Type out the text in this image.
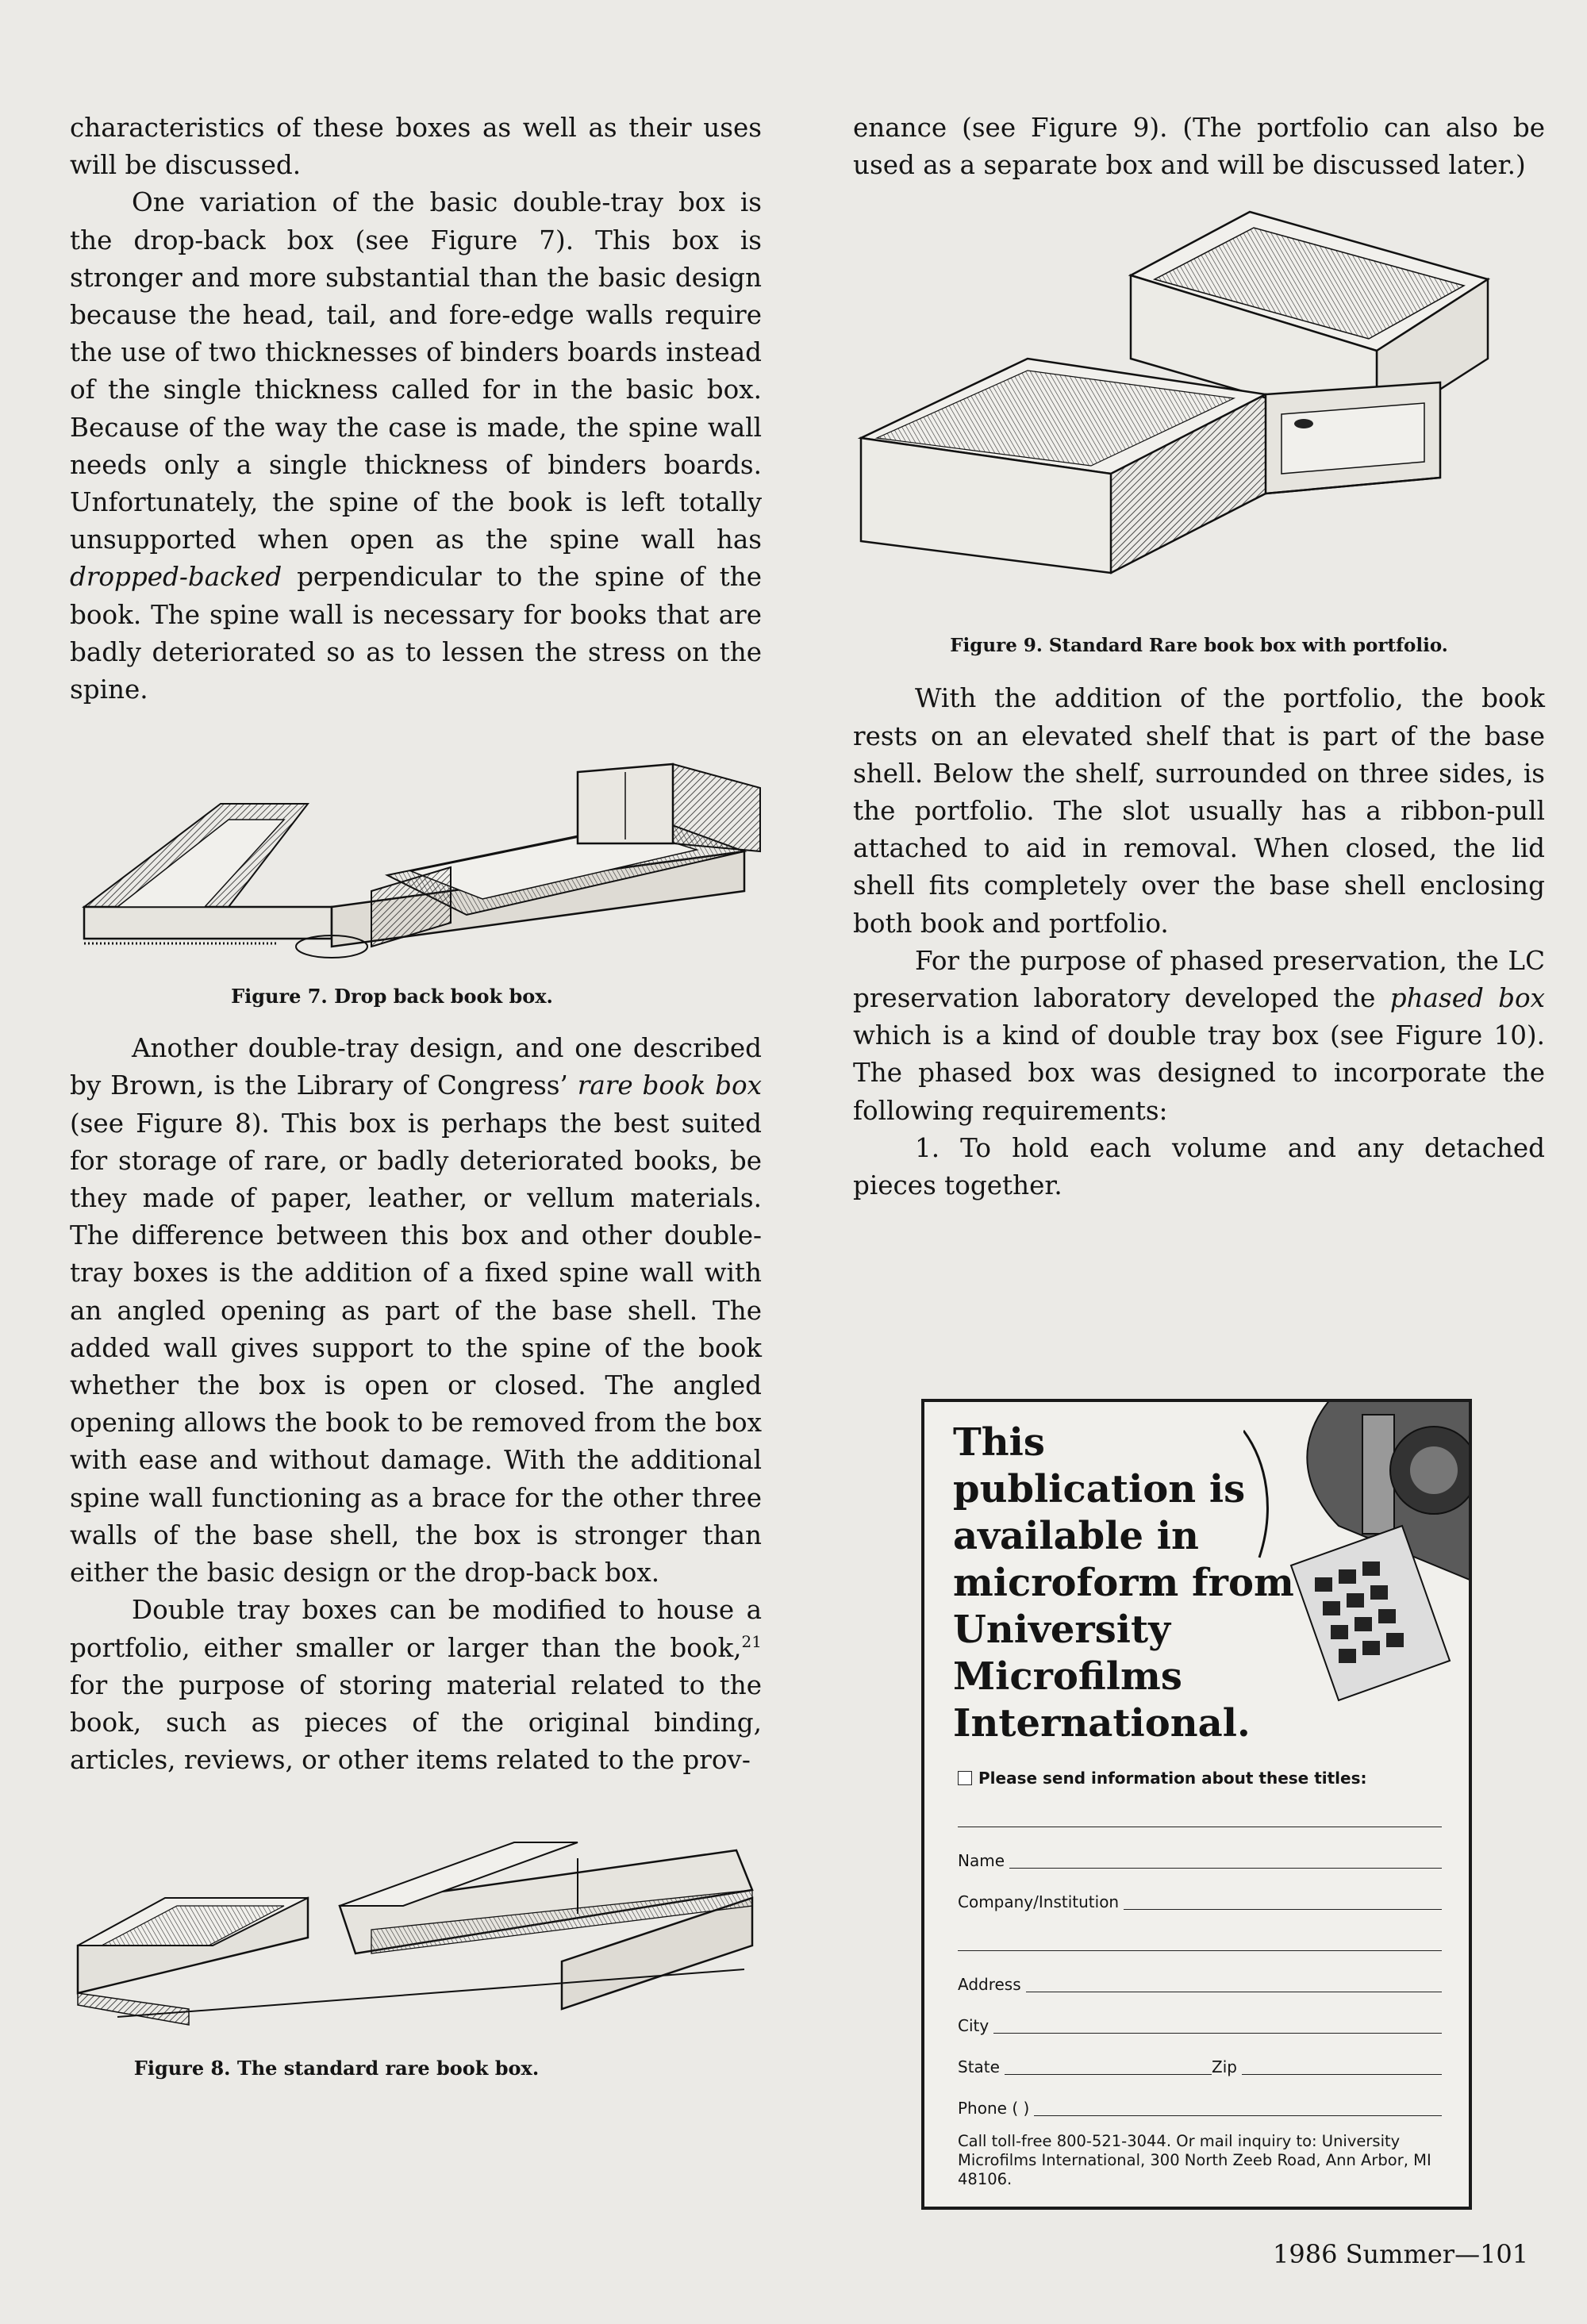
characteristics of these boxes as well as their uses will be discussed.

One variation of the basic double-tray box is the drop-back box (see Figure 7). This box is stronger and more substantial than the basic design because the head, tail, and fore-edge walls require the use of two thicknesses of binders boards instead of the single thickness called for in the basic box. Because of the way the case is made, the spine wall needs only a single thickness of binders boards. Unfortunately, the spine of the book is left totally unsupported when open as the spine wall has dropped-backed perpendicular to the spine of the book. The spine wall is necessary for books that are badly deteriorated so as to lessen the stress on the spine.

Figure 7. Drop back book box.

Another double-tray design, and one described by Brown, is the Library of Congress’ rare book box (see Figure 8). This box is perhaps the best suited for storage of rare, or badly deteriorated books, be they made of paper, leather, or vellum materials. The difference between this box and other double-tray boxes is the addition of a fixed spine wall with an angled opening as part of the base shell. The added wall gives support to the spine of the book whether the box is open or closed. The angled opening allows the book to be removed from the box with ease and without damage. With the additional spine wall functioning as a brace for the other three walls of the base shell, the box is stronger than either the basic design or the drop-back box.

Double tray boxes can be modified to house a portfolio, either smaller or larger than the book,$^{21}$ for the purpose of storing material related to the book, such as pieces of the original binding, articles, reviews, or other items related to the prov-

Figure 8. The standard rare book box.

enance (see Figure 9). (The portfolio can also be used as a separate box and will be discussed later.)

Figure 9. Standard Rare book box with portfolio.

With the addition of the portfolio, the book rests on an elevated shelf that is part of the base shell. Below the shelf, surrounded on three sides, is the portfolio. The slot usually has a ribbon-pull attached to aid in removal. When closed, the lid shell fits completely over the base shell enclosing both book and portfolio.

For the purpose of phased preservation, the LC preservation laboratory developed the phased box which is a kind of double tray box (see Figure 10). The phased box was designed to incorporate the following requirements:

1. To hold each volume and any detached pieces together.

This publication is available in microform from University Microfilms International.

Please send information about these titles:
Name
Company/Institution
Address
City
State	Zip
Phone ( )

Call toll-free 800-521-3044. Or mail inquiry to: University Microfilms International, 300 North Zeeb Road, Ann Arbor, MI 48106.

1986 Summer—101
